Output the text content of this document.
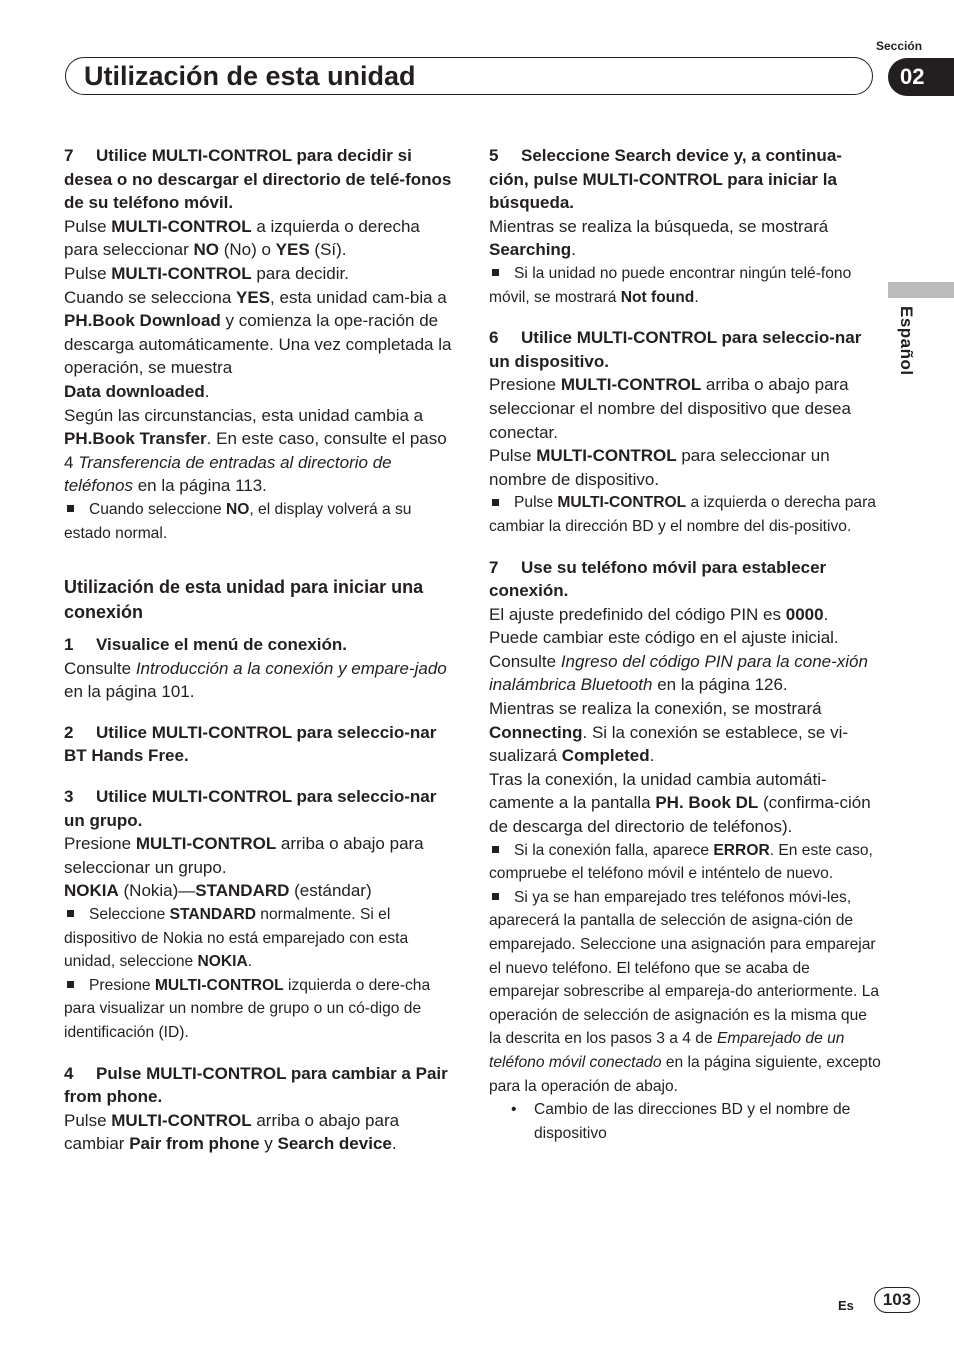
Utilización de esta unidad
Sección
02
Español

7 Utilice MULTI-CONTROL para decidir si desea o no descargar el directorio de telé-fonos de su teléfono móvil.

Pulse MULTI-CONTROL a izquierda o derecha para seleccionar NO (No) o YES (Sí).

Pulse MULTI-CONTROL para decidir.

Cuando se selecciona YES, esta unidad cam-bia a PH.Book Download y comienza la ope-ración de descarga automáticamente. Una vez completada la operación, se muestra
Data downloaded.

Según las circunstancias, esta unidad cambia a PH.Book Transfer. En este caso, consulte el paso 4 Transferencia de entradas al directorio de teléfonos en la página 113.

Cuando seleccione NO, el display volverá a su estado normal.

Utilización de esta unidad para iniciar una conexión

1 Visualice el menú de conexión.

Consulte Introducción a la conexión y empare-jado en la página 101.

2 Utilice MULTI-CONTROL para seleccio-nar BT Hands Free.

3 Utilice MULTI-CONTROL para seleccio-nar un grupo.

Presione MULTI-CONTROL arriba o abajo para seleccionar un grupo.

NOKIA (Nokia)—STANDARD (estándar)

Seleccione STANDARD normalmente. Si el dispositivo de Nokia no está emparejado con esta unidad, seleccione NOKIA.

Presione MULTI-CONTROL izquierda o dere-cha para visualizar un nombre de grupo o un có-digo de identificación (ID).

4 Pulse MULTI-CONTROL para cambiar a Pair from phone.

Pulse MULTI-CONTROL arriba o abajo para cambiar Pair from phone y Search device.

5 Seleccione Search device y, a continua-ción, pulse MULTI-CONTROL para iniciar la búsqueda.

Mientras se realiza la búsqueda, se mostrará Searching.

Si la unidad no puede encontrar ningún telé-fono móvil, se mostrará Not found.

6 Utilice MULTI-CONTROL para seleccio-nar un dispositivo.

Presione MULTI-CONTROL arriba o abajo para seleccionar el nombre del dispositivo que desea conectar.

Pulse MULTI-CONTROL para seleccionar un nombre de dispositivo.

Pulse MULTI-CONTROL a izquierda o derecha para cambiar la dirección BD y el nombre del dis-positivo.

7 Use su teléfono móvil para establecer conexión.

El ajuste predefinido del código PIN es 0000. Puede cambiar este código en el ajuste inicial. Consulte Ingreso del código PIN para la cone-xión inalámbrica Bluetooth en la página 126.

Mientras se realiza la conexión, se mostrará Connecting. Si la conexión se establece, se vi-sualizará Completed.

Tras la conexión, la unidad cambia automáti-camente a la pantalla PH. Book DL (confirma-ción de descarga del directorio de teléfonos).

Si la conexión falla, aparece ERROR. En este caso, compruebe el teléfono móvil e inténtelo de nuevo.

Si ya se han emparejado tres teléfonos móvi-les, aparecerá la pantalla de selección de asigna-ción de emparejado. Seleccione una asignación para emparejar el nuevo teléfono. El teléfono que se acaba de emparejar sobrescribe al empareja-do anteriormente. La operación de selección de asignación es la misma que la descrita en los pasos 3 a 4 de Emparejado de un teléfono móvil conectado en la página siguiente, excepto para la operación de abajo.

• Cambio de las direcciones BD y el nombre de dispositivo

Es	103
